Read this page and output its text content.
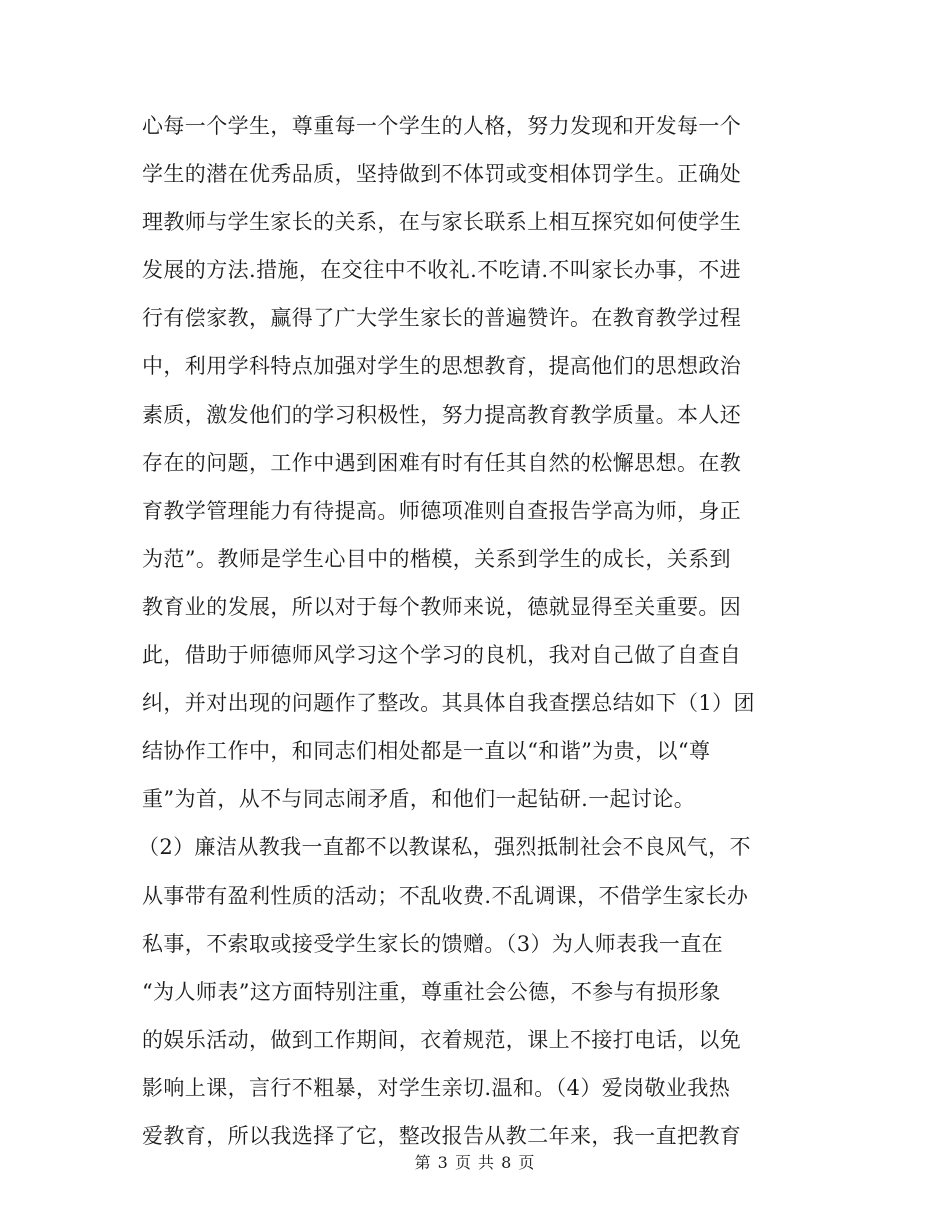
心每一个学生，尊重每一个学生的人格，努力发现和开发每一个
学生的潜在优秀品质，坚持做到不体罚或变相体罚学生。正确处
理教师与学生家长的关系，在与家长联系上相互探究如何使学生
发展的方法.措施，在交往中不收礼.不吃请.不叫家长办事，不进
行有偿家教，赢得了广大学生家长的普遍赞许。在教育教学过程
中，利用学科特点加强对学生的思想教育，提高他们的思想政治
素质，激发他们的学习积极性，努力提高教育教学质量。本人还
存在的问题，工作中遇到困难有时有任其自然的松懈思想。在教
育教学管理能力有待提高。师德项准则自查报告学高为师，身正
为范”。教师是学生心目中的楷模，关系到学生的成长，关系到
教育业的发展，所以对于每个教师来说，德就显得至关重要。因
此，借助于师德师风学习这个学习的良机，我对自己做了自查自
纠，并对出现的问题作了整改。其具体自我查摆总结如下（1）团
结协作工作中，和同志们相处都是一直以“和谐”为贵，以“尊
重”为首，从不与同志闹矛盾，和他们一起钻研.一起讨论。
（2）廉洁从教我一直都不以教谋私，强烈抵制社会不良风气，不
从事带有盈利性质的活动；不乱收费.不乱调课，不借学生家长办
私事，不索取或接受学生家长的馈赠。（3）为人师表我一直在
“为人师表”这方面特别注重，尊重社会公德，不参与有损形象
的娱乐活动，做到工作期间，衣着规范，课上不接打电话，以免
影响上课，言行不粗暴，对学生亲切.温和。（4）爱岗敬业我热
爱教育，所以我选择了它，整改报告从教二年来，我一直把教育
第 3 页 共 8 页
